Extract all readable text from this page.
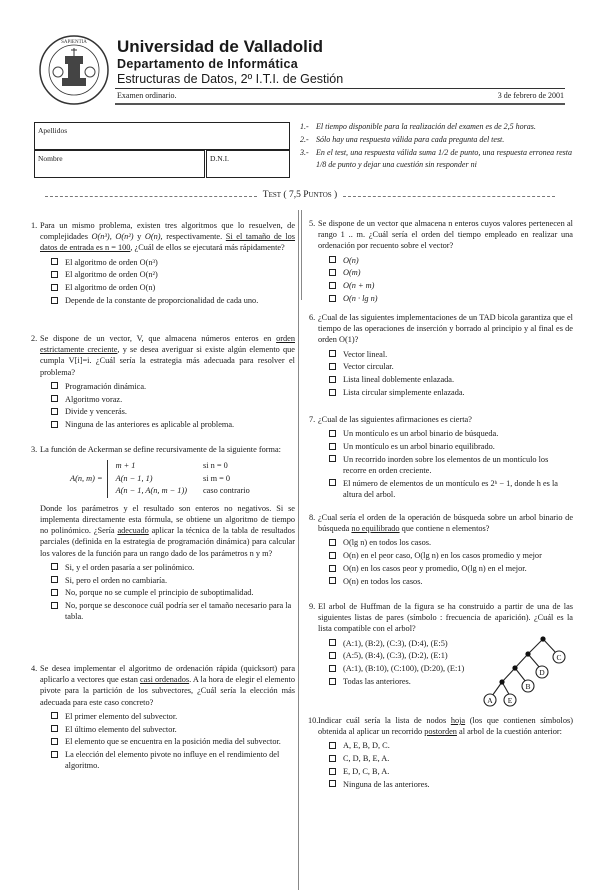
SAPIENTIA Universidad de Valladolid
Departamento de Informática
Estructuras de Datos, 2º I.T.I. de Gestión
Examen ordinario.	3 de febrero de 2001
Apellidos
Nombre	D.N.I.
1.- El tiempo disponible para la realización del examen es de 2,5 horas.
2.- Sólo hay una respuesta válida para cada pregunta del test.
3.- En el test, una respuesta válida suma 1/2 de punto, una respuesta erronea resta 1/8 de punto y dejar una cuestión sin responder ni
Test ( 7,5 Puntos )
1. Para un mismo problema, existen tres algoritmos que lo resuelven, de complejidades O(n³), O(n²) y O(n), respectivamente. Si el tamaño de los datos de entrada es n = 100, ¿Cuál de ellos se ejecutará más rápidamente?
El algoritmo de orden O(n³)
El algoritmo de orden O(n²)
El algoritmo de orden O(n)
Depende de la constante de proporcionalidad de cada uno.
2. Se dispone de un vector, V, que almacena números enteros en orden estrictamente creciente, y se desea averiguar si existe algún elemento que cumpla V[i]=i. ¿Cuál sería la estrategia más adecuada para resolver el problema?
Programación dinámica.
Algoritmo voraz.
Divide y vencerás.
Ninguna de las anteriores es aplicable al problema.
3. La función de Ackerman se define recursivamente de la siguiente forma:
A(n, m) =
m + 1	si n = 0
A(n − 1, 1)	si m = 0
A(n − 1, A(n, m − 1))	caso contrario
Donde los parámetros y el resultado son enteros no negativos. Si se implementa directamente esta fórmula, se obtiene un algoritmo de tiempo no polinómico. ¿Sería adecuado aplicar la técnica de la tabla de resultados parciales (definida en la estrategia de programación dinámica) para calcular los valores de la función para un rango dado de los parámetros n y m?
Si, y el orden pasaría a ser polinómico.
Si, pero el orden no cambiaría.
No, porque no se cumple el principio de suboptimalidad.
No, porque se desconoce cuál podría ser el tamaño necesario para la tabla.
4. Se desea implementar el algoritmo de ordenación rápida (quicksort) para aplicarlo a vectores que estan casi ordenados. A la hora de elegir el elemento pivote para la partición de los subvectores, ¿Cuál sería la elección más adecuada para este caso concreto?
El primer elemento del subvector.
El último elemento del subvector.
El elemento que se encuentra en la posición media del subvector.
La elección del elemento pivote no influye en el rendimiento del algoritmo.
5. Se dispone de un vector que almacena n enteros cuyos valores pertenecen al rango 1 .. m. ¿Cuál sería el orden del tiempo empleado en realizar una ordenación por recuento sobre el vector?
O(n)
O(m)
O(n + m)
O(n · lg n)
6. ¿Cual de las siguientes implementaciones de un TAD bicola garantiza que el tiempo de las operaciones de inserción y borrado al principio y al final es de orden O(1)?
Vector lineal.
Vector circular.
Lista lineal doblemente enlazada.
Lista circular simplemente enlazada.
7. ¿Cual de las siguientes afirmaciones es cierta?
Un montículo es un arbol binario de búsqueda.
Un montículo es un arbol binario equilibrado.
Un recorrido inorden sobre los elementos de un montículo los recorre en orden creciente.
El número de elementos de un montículo es 2ʰ − 1, donde h es la altura del arbol.
8. ¿Cual sería el orden de la operación de búsqueda sobre un arbol binario de búsqueda no equilibrado que contiene n elementos?
O(lg n) en todos los casos.
O(n) en el peor caso, O(lg n) en los casos promedio y mejor
O(n) en los casos peor y promedio, O(lg n) en el mejor.
O(n) en todos los casos.
9. El arbol de Huffman de la figura se ha construido a partir de una de las siguientes listas de pares (símbolo : frecuencia de aparición). ¿Cuál es la lista compatible con el arbol?
(A:1), (B:2), (C:3), (D:4), (E:5)
(A:5), (B:4), (C:3), (D:2), (E:1)
(A:1), (B:10), (C:100), (D:20), (E:1)
Todas las anteriores.
C
D
B
A E
10. Indicar cuál sería la lista de nodos hoja (los que contienen símbolos) obtenida al aplicar un recorrido postorden al arbol de la cuestión anterior:
A, E, B, D, C.
C, D, B, E, A.
E, D, C, B, A.
Ninguna de las anteriores.
